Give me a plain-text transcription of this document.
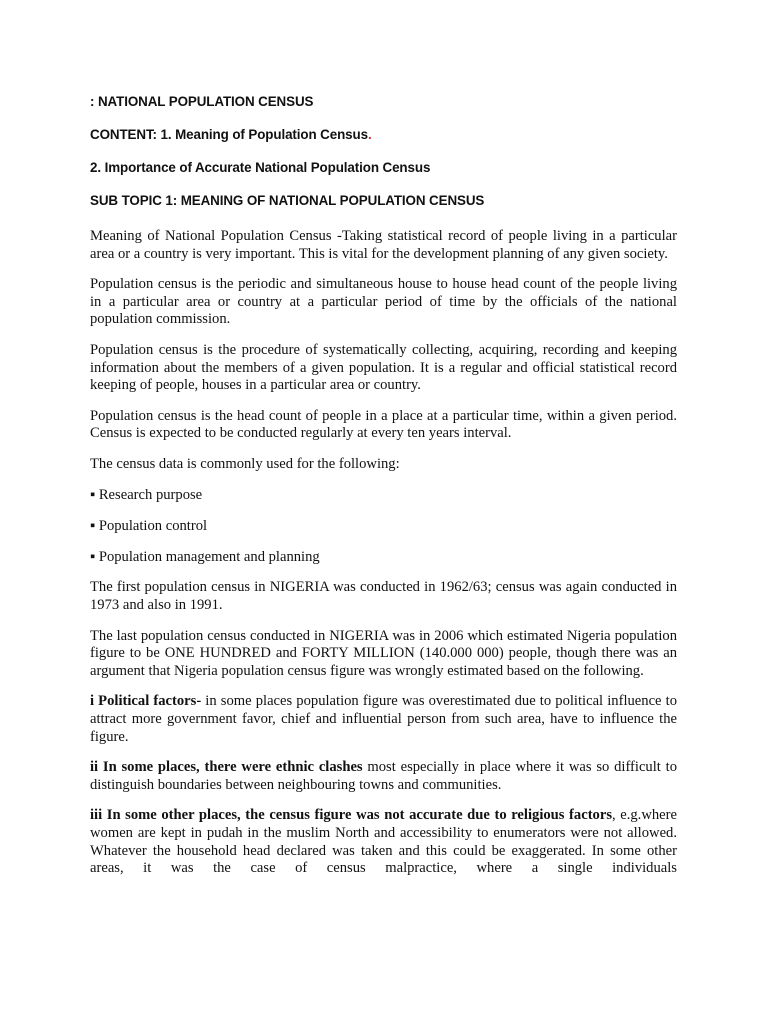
: NATIONAL POPULATION CENSUS
CONTENT: 1. Meaning of Population Census.
2. Importance of Accurate National Population Census
SUB TOPIC 1: MEANING OF NATIONAL POPULATION CENSUS

Meaning of National Population Census -Taking statistical record of people living in a particular area or a country is very important. This is vital for the development planning of any given society.

Population census is the periodic and simultaneous house to house head count of the people living in a particular area or country at a particular period of time by the officials of the national population commission.

Population census is the procedure of systematically collecting, acquiring, recording and keeping information about the members of a given population. It is a regular and official statistical record keeping of people, houses in a particular area or country.

Population census is the head count of people in a place at a particular time, within a given period. Census is expected to be conducted regularly at every ten years interval.

The census data is commonly used for the following:

▪ Research purpose
▪ Population control
▪ Population management and planning

The first population census in NIGERIA was conducted in 1962/63; census was again conducted in 1973 and also in 1991.

The last population census conducted in NIGERIA was in 2006 which estimated Nigeria population figure to be ONE HUNDRED and FORTY MILLION (140.000 000) people, though there was an argument that Nigeria population census figure was wrongly estimated based on the following.

i Political factors- in some places population figure was overestimated due to political influence to attract more government favor, chief and influential person from such area, have to influence the figure.

ii In some places, there were ethnic clashes most especially in place where it was so difficult to distinguish boundaries between neighbouring towns and communities.

iii In some other places, the census figure was not accurate due to religious factors, e.g.where women are kept in pudah in the muslim North and accessibility to enumerators were not allowed. Whatever the household head declared was taken and this could be exaggerated. In some other areas, it was the case of census malpractice, where a single individuals
